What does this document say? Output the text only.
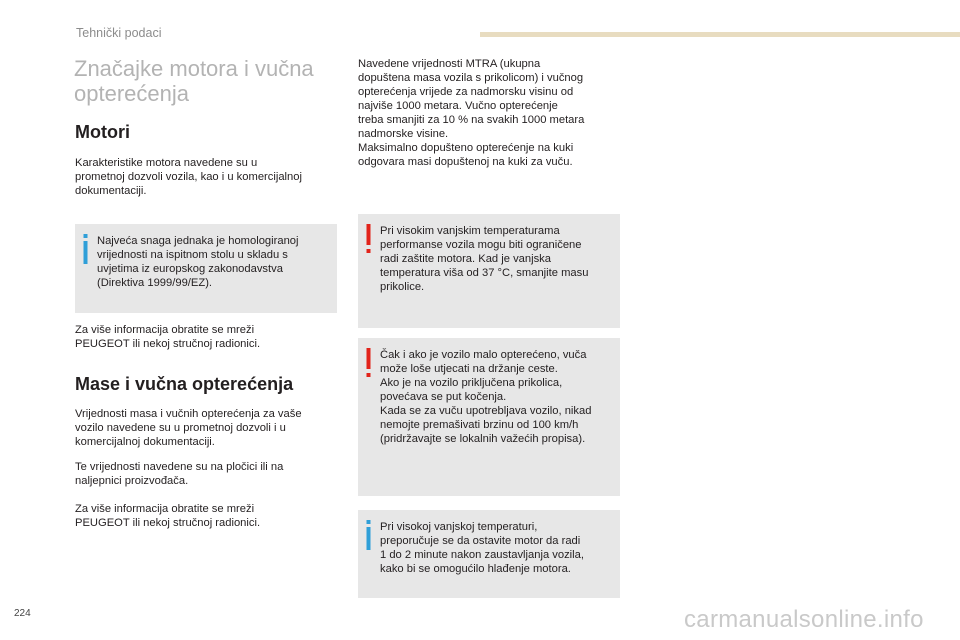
Tehnički podaci
Značajke motora i vučna
opterećenja
Motori

Karakteristike motora navedene su u
prometnoj dozvoli vozila, kao i u komercijalnoj
dokumentaciji.

Najveća snaga jednaka je homologiranoj
vrijednosti na ispitnom stolu u skladu s
uvjetima iz europskog zakonodavstva
(Direktiva 1999/99/EZ).

Za više informacija obratite se mreži
PEUGEOT ili nekoj stručnoj radionici.

Mase i vučna opterećenja

Vrijednosti masa i vučnih opterećenja za vaše
vozilo navedene su u prometnoj dozvoli i u
komercijalnoj dokumentaciji.

Te vrijednosti navedene su na pločici ili na
naljepnici proizvođača.

Za više informacija obratite se mreži
PEUGEOT ili nekoj stručnoj radionici.

Navedene vrijednosti MTRA (ukupna
dopuštena masa vozila s prikolicom) i vučnog
opterećenja vrijede za nadmorsku visinu od
najviše 1000 metara. Vučno opterećenje
treba smanjiti za 10 % na svakih 1000 metara
nadmorske visine.
Maksimalno dopušteno opterećenje na kuki
odgovara masi dopuštenoj na kuki za vuču.

Pri visokim vanjskim temperaturama
performanse vozila mogu biti ograničene
radi zaštite motora. Kad je vanjska
temperatura viša od 37 °C, smanjite masu
prikolice.
Čak i ako je vozilo malo opterećeno, vuča
može loše utjecati na držanje ceste.
Ako je na vozilo priključena prikolica,
povećava se put kočenja.
Kada se za vuču upotrebljava vozilo, nikad
nemojte premašivati brzinu od 100 km/h
(pridržavajte se lokalnih važećih propisa).
Pri visokoj vanjskoj temperaturi,
preporučuje se da ostavite motor da radi
1 do 2 minute nakon zaustavljanja vozila,
kako bi se omogućilo hlađenje motora.
224	carmanualsonline.info
